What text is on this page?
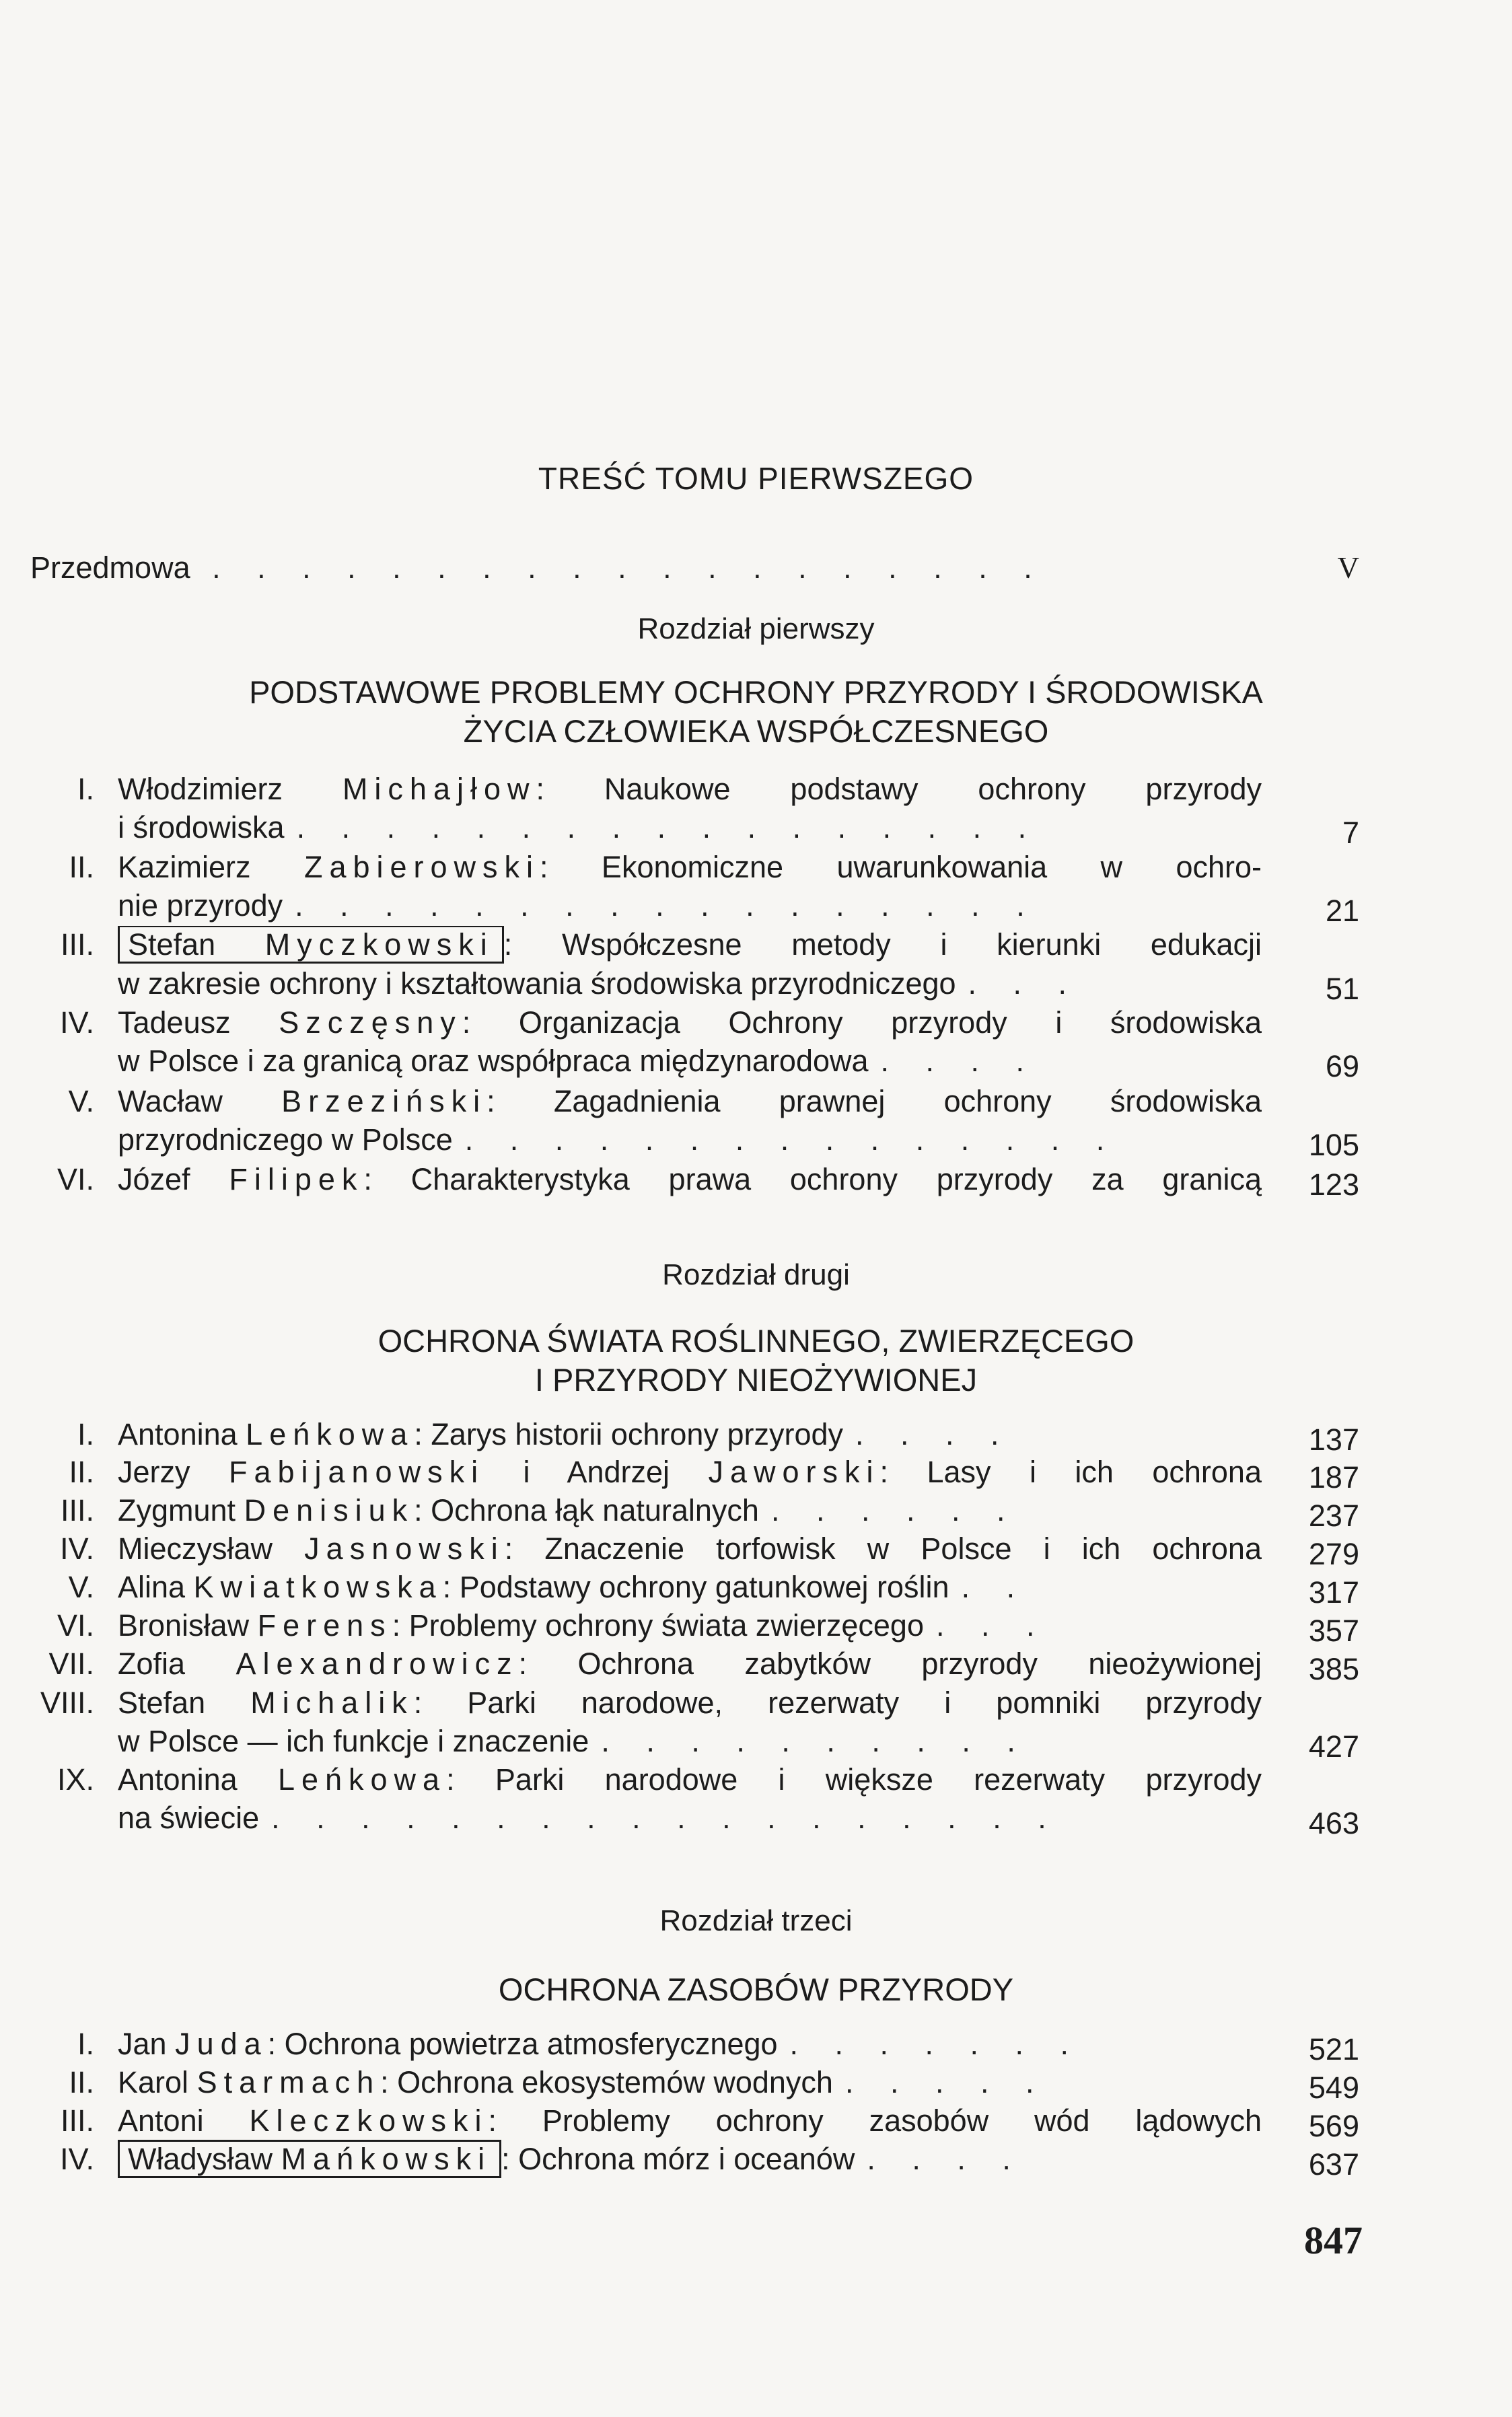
TREŚĆ TOMU PIERWSZEGO
Przedmowa . . . . . . . . . . . . . . . . . . .	V
Rozdział pierwszy
PODSTAWOWE PROBLEMY OCHRONY PRZYRODY I ŚRODOWISKA
ŻYCIA CZŁOWIEKA WSPÓŁCZESNEGO
I. Włodzimierz Michajłow: Naukowe podstawy ochrony przyrody
i środowiska . . . . . . . . . . . . . . . . .	7
II. Kazimierz Zabierowski: Ekonomiczne uwarunkowania w ochro-
nie przyrody . . . . . . . . . . . . . . . . .	21
III.	Stefan Myczkowski : Współczesne metody i kierunki edukacji
w zakresie ochrony i kształtowania środowiska przyrodniczego . . .	51
IV. Tadeusz Szczęsny: Organizacja Ochrony przyrody i środowiska
w Polsce i za granicą oraz współpraca międzynarodowa . . . .	69
V. Wacław Brzeziński: Zagadnienia prawnej ochrony środowiska
przyrodniczego w Polsce . . . . . . . . . . . . . . .	105
VI. Józef Filipek: Charakterystyka prawa ochrony przyrody za granicą	123
Rozdział drugi
OCHRONA ŚWIATA ROŚLINNEGO, ZWIERZĘCEGO
I PRZYRODY NIEOŻYWIONEJ
I. Antonina Leńkowa: Zarys historii ochrony przyrody . . . .	137
II. Jerzy Fabijanowski i Andrzej Jaworski: Lasy i ich ochrona	187
III. Zygmunt Denisiuk: Ochrona łąk naturalnych . . . . . .	237
IV. Mieczysław Jasnowski: Znaczenie torfowisk w Polsce i ich ochrona	279
V. Alina Kwiatkowska: Podstawy ochrony gatunkowej roślin . .	317
VI. Bronisław Ferens: Problemy ochrony świata zwierzęcego . . .	357
VII. Zofia Alexandrowicz: Ochrona zabytków przyrody nieożywionej	385
VIII. Stefan Michalik: Parki narodowe, rezerwaty i pomniki przyrody
w Polsce — ich funkcje i znaczenie . . . . . . . . . .	427
IX. Antonina Leńkowa: Parki narodowe i większe rezerwaty przyrody
na świecie . . . . . . . . . . . . . . . . . .	463
Rozdział trzeci
OCHRONA ZASOBÓW PRZYRODY
I. Jan Juda: Ochrona powietrza atmosferycznego . . . . . . .	521
II. Karol Starmach: Ochrona ekosystemów wodnych . . . . .	549
III. Antoni Kleczkowski: Problemy ochrony zasobów wód lądowych	569
IV.	Władysław Mańkowski : Ochrona mórz i oceanów . . . .	637
847
